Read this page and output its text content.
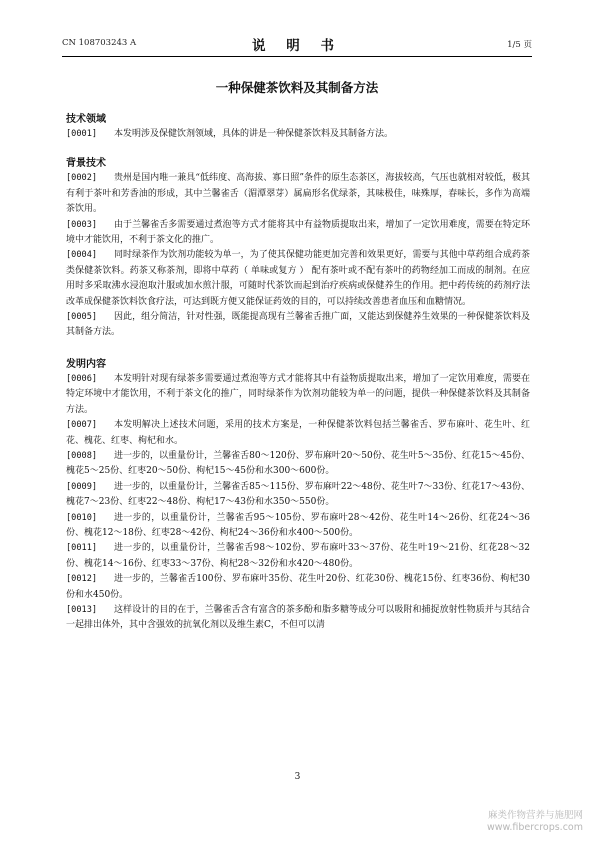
CN 108703243 A	说 明 书	1/5 页
一种保健茶饮料及其制备方法
技术领域
[0001]	本发明涉及保健饮剂领域，具体的讲是一种保健茶饮料及其制备方法。
背景技术
[0002]	贵州是国内唯一兼具“低纬度、高海拔、寡日照”条件的原生态茶区，海拔较高，气压也就相对较低，极其有利于茶叶和芳香油的形成，其中兰馨雀舌（湄潭翠芽）属扁形名优绿茶，其味极佳，味殊厚，春味长，多作为高端茶饮用。
[0003]	由于兰馨雀舌多需要通过煮泡等方式才能将其中有益物质提取出来，增加了一定饮用难度，需要在特定环境中才能饮用，不利于茶文化的推广。
[0004]	同时绿茶作为饮剂功能较为单一，为了使其保健功能更加完善和效果更好，需要与其他中草药组合成药茶类保健茶饮料。药茶又称茶剂，即将中草药（ 单味或复方 ） 配有茶叶或不配有茶叶的药物经加工而成的制剂。在应用时多采取沸水浸泡取汁服或加水煎汁服，可随时代茶饮而起到治疗疾病或保健养生的作用。把中药传统的药剂疗法改革成保健茶饮料饮食疗法，可达到既方便又能保证药效的目的，可以持续改善患者血压和血糖情况。
[0005]	因此，组分简洁，针对性强，既能提高现有兰馨雀舌推广面，又能达到保健养生效果的一种保健茶饮料及其制备方法。
发明内容
[0006]	本发明针对现有绿茶多需要通过煮泡等方式才能将其中有益物质提取出来，增加了一定饮用难度，需要在特定环境中才能饮用，不利于茶文化的推广，同时绿茶作为饮剂功能较为单一的问题，提供一种保健茶饮料及其制备方法。
[0007]	本发明解决上述技术问题，采用的技术方案是，一种保健茶饮料包括兰馨雀舌、罗布麻叶、花生叶、红花、槐花、红枣、枸杞和水。
[0008]	进一步的，以重量份计，兰馨雀舌80～120份、罗布麻叶20～50份、花生叶5～35份、红花15～45份、槐花5～25份、红枣20～50份、枸杞15～45份和水300～600份。
[0009]	进一步的，以重量份计，兰馨雀舌85～115份、罗布麻叶22～48份、花生叶7～33份、红花17～43份、槐花7～23份、红枣22～48份、枸杞17～43份和水350～550份。
[0010]	进一步的，以重量份计，兰馨雀舌95～105份、罗布麻叶28～42份、花生叶14～26份、红花24～36份、槐花12～18份、红枣28～42份、枸杞24～36份和水400～500份。
[0011]	进一步的，以重量份计，兰馨雀舌98～102份、罗布麻叶33～37份、花生叶19～21份、红花28～32份、槐花14～16份、红枣33～37份、枸杞28～32份和水420～480份。
[0012]	进一步的，兰馨雀舌100份、罗布麻叶35份、花生叶20份、红花30份、槐花15份、红枣36份、枸杞30份和水450份。
[0013]	这样设计的目的在于，兰馨雀舌含有富含的茶多酚和脂多糖等成分可以吸附和捕捉放射性物质并与其结合一起排出体外，其中含强效的抗氧化剂以及维生素C，不但可以清
3
麻类作物营养与施肥网
www.fibercrops.com
